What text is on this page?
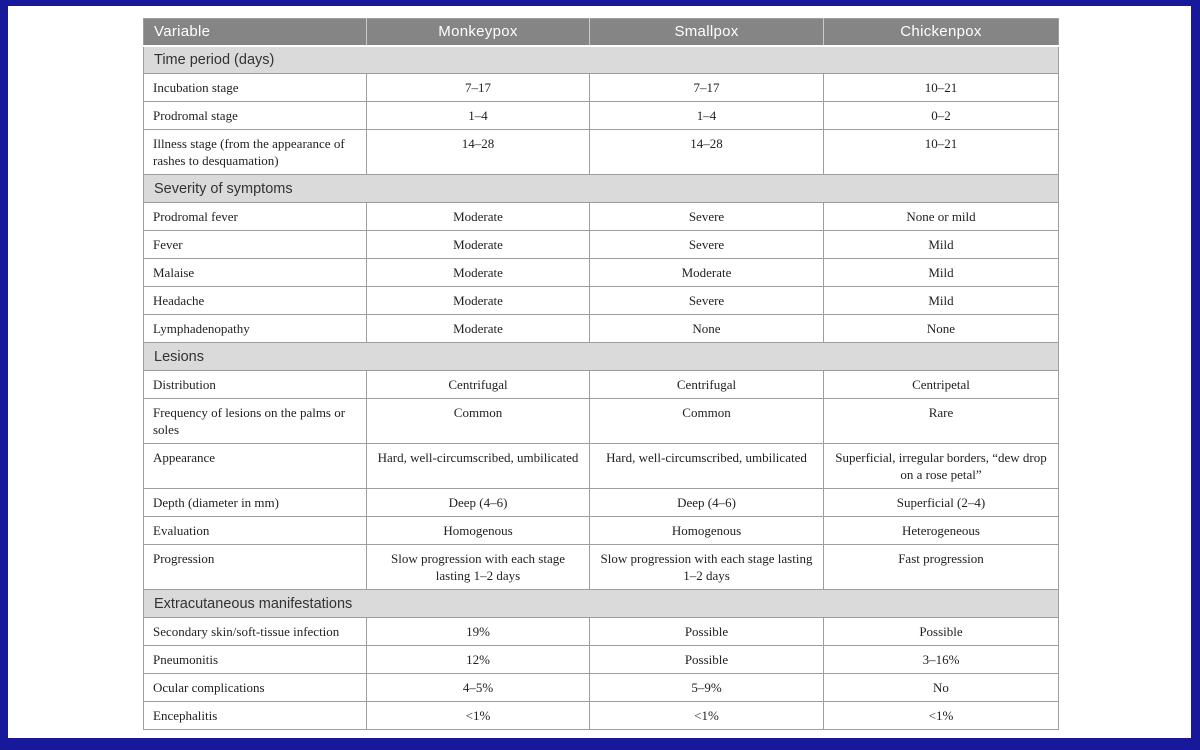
Variable	Monkeypox	Smallpox	Chickenpox
Time period (days)			
Incubation stage	7–17	7–17	10–21
Prodromal stage	1–4	1–4	0–2
Illness stage (from the appearance of rashes to desquamation)	14–28	14–28	10–21
Severity of symptoms			
Prodromal fever	Moderate	Severe	None or mild
Fever	Moderate	Severe	Mild
Malaise	Moderate	Moderate	Mild
Headache	Moderate	Severe	Mild
Lymphadenopathy	Moderate	None	None
Lesions			
Distribution	Centrifugal	Centrifugal	Centripetal
Frequency of lesions on the palms or soles	Common	Common	Rare
Appearance	Hard, well-circumscribed, umbilicated	Hard, well-circumscribed, umbilicated	Superficial, irregular borders, “dew drop on a rose petal”
Depth (diameter in mm)	Deep (4–6)	Deep (4–6)	Superficial (2–4)
Evaluation	Homogenous	Homogenous	Heterogeneous
Progression	Slow progression with each stage lasting 1–2 days	Slow progression with each stage lasting 1–2 days	Fast progression
Extracutaneous manifestations			
Secondary skin/soft-tissue infection	19%	Possible	Possible
Pneumonitis	12%	Possible	3–16%
Ocular complications	4–5%	5–9%	No
Encephalitis	<1%	<1%	<1%
